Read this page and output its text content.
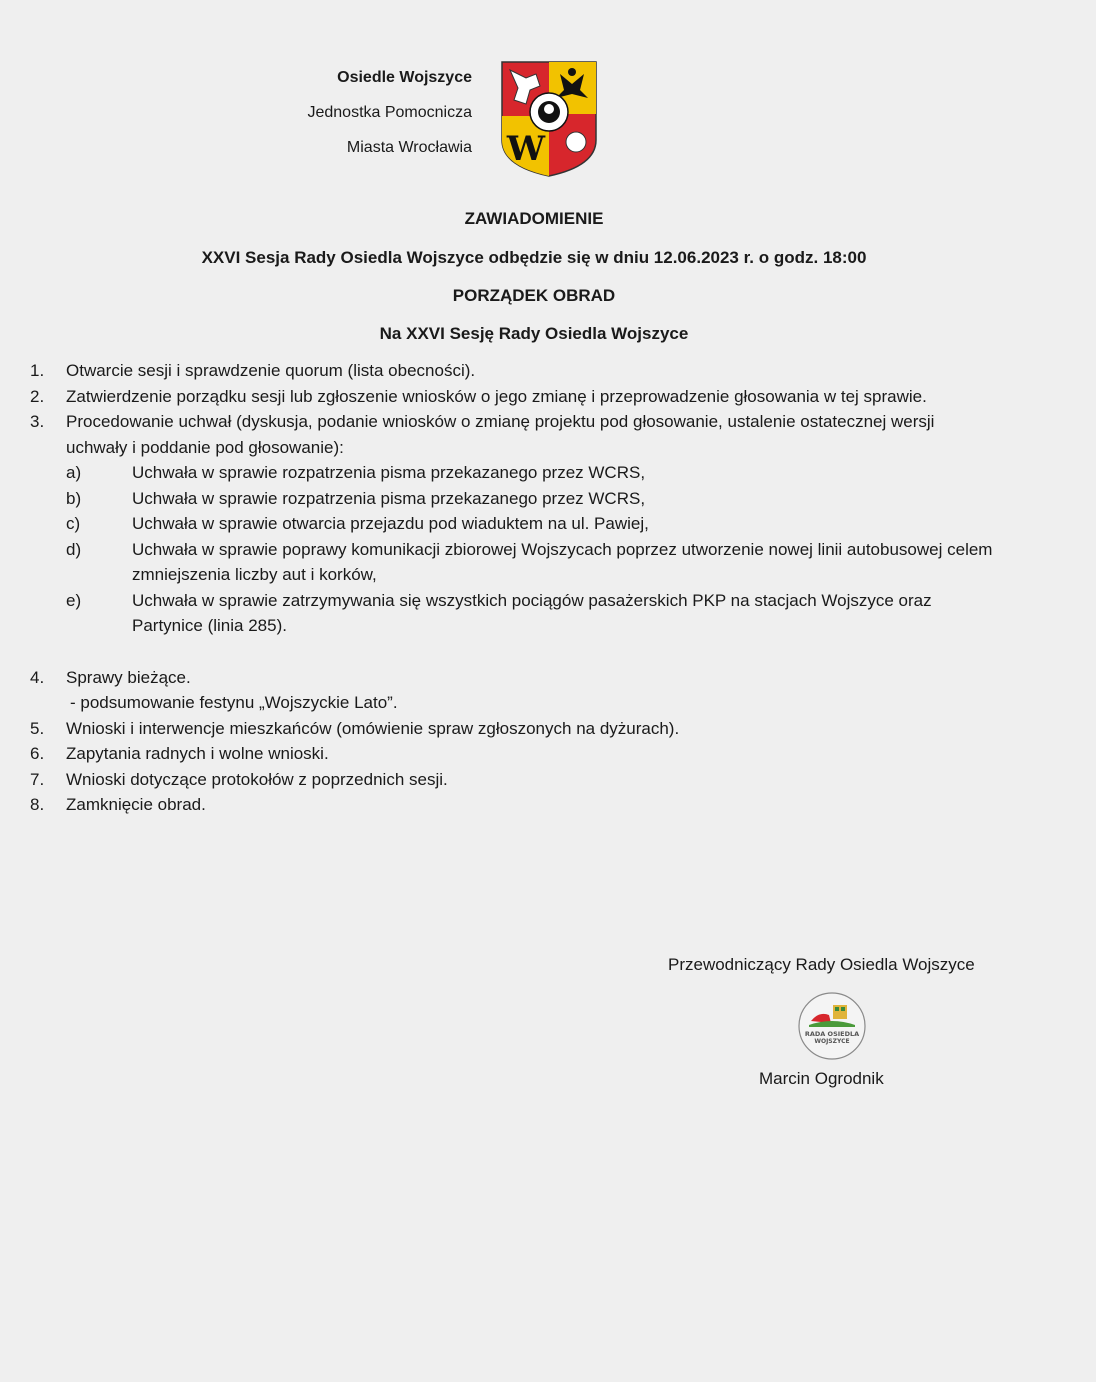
Osiedle Wojszyce
Jednostka Pomocnicza
Miasta Wrocławia W
ZAWIADOMIENIE
XXVI Sesja Rady Osiedla Wojszyce odbędzie się w dniu 12.06.2023 r. o godz. 18:00
PORZĄDEK OBRAD
Na XXVI Sesję Rady Osiedla Wojszyce
1.	Otwarcie sesji i sprawdzenie quorum (lista obecności).
2.	Zatwierdzenie porządku sesji lub zgłoszenie wniosków o jego zmianę i przeprowadzenie głosowania w tej sprawie.
3.	Procedowanie uchwał (dyskusja, podanie wniosków o zmianę projektu pod głosowanie, ustalenie ostatecznej wersji uchwały i poddanie pod głosowanie):
a)	Uchwała w sprawie rozpatrzenia pisma przekazanego przez WCRS,
b)	Uchwała w sprawie rozpatrzenia pisma przekazanego przez WCRS,
c)	Uchwała w sprawie otwarcia przejazdu pod wiaduktem na ul. Pawiej,
d)	Uchwała w sprawie poprawy komunikacji zbiorowej Wojszycach poprzez utworzenie nowej linii autobusowej celem zmniejszenia liczby aut i korków,
e)	Uchwała w sprawie zatrzymywania się wszystkich pociągów pasażerskich PKP na stacjach Wojszyce oraz Partynice (linia 285).
4.	Sprawy bieżące.
- podsumowanie festynu „Wojszyckie Lato”.
5.	Wnioski i interwencje mieszkańców (omówienie spraw zgłoszonych na dyżurach).
6.	Zapytania radnych i wolne wnioski.
7.	Wnioski dotyczące protokołów z poprzednich sesji.
8.	Zamknięcie obrad.
Przewodniczący Rady Osiedla Wojszyce
RADA OSIEDLA
WOJSZYCE
Marcin Ogrodnik
